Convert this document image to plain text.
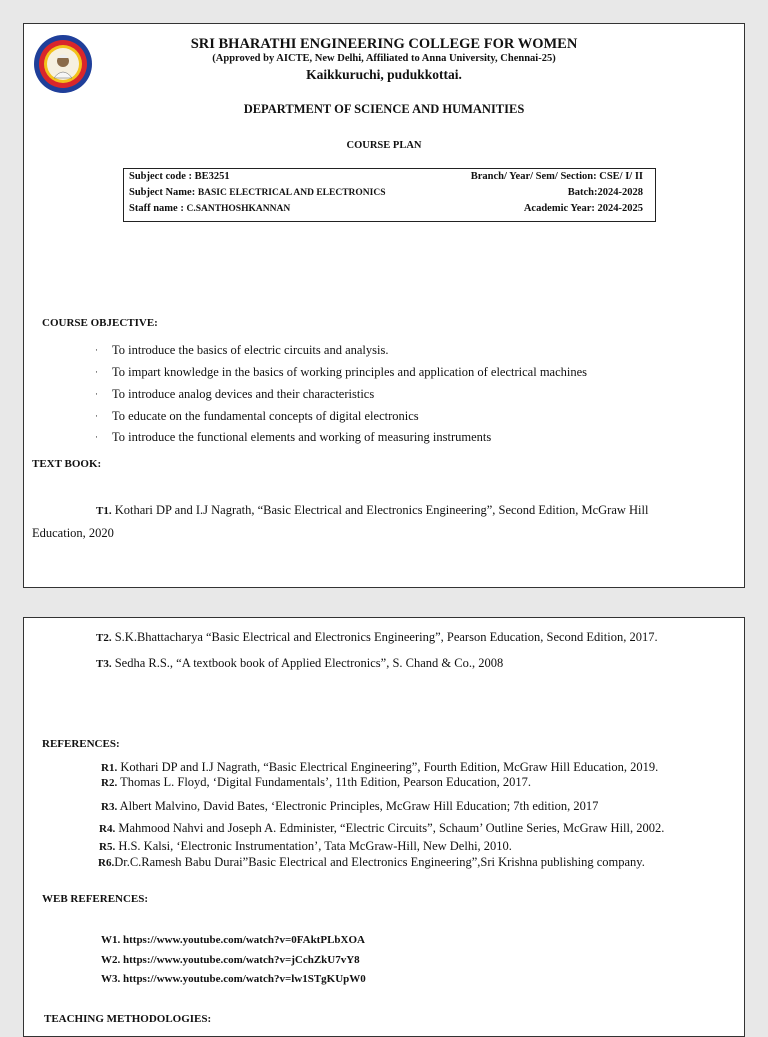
SRI BHARATHI ENGINEERING COLLEGE FOR WOMEN
(Approved by AICTE, New Delhi, Affiliated to Anna University, Chennai-25)
Kaikkuruchi, pudukkottai.
DEPARTMENT OF SCIENCE AND HUMANITIES
COURSE PLAN
Subject code : BE3251	Branch/ Year/ Sem/ Section: CSE/ I/ II
Subject Name: BASIC ELECTRICAL AND ELECTRONICS	Batch:2024-2028
Staff name : C.SANTHOSHKANNAN	Academic Year: 2024-2025
COURSE OBJECTIVE:
· To introduce the basics of electric circuits and analysis.
· To impart knowledge in the basics of working principles and application of electrical machines
· To introduce analog devices and their characteristics
· To educate on the fundamental concepts of digital electronics
· To introduce the functional elements and working of measuring instruments
TEXT BOOK:
T1. Kothari DP and I.J Nagrath, “Basic Electrical and Electronics Engineering”, Second Edition, McGraw Hill
Education, 2020
T2. S.K.Bhattacharya “Basic Electrical and Electronics Engineering”, Pearson Education, Second Edition, 2017.
T3. Sedha R.S., “A textbook book of Applied Electronics”, S. Chand & Co., 2008
REFERENCES:
R1. Kothari DP and I.J Nagrath, “Basic Electrical Engineering”, Fourth Edition, McGraw Hill Education, 2019.
R2. Thomas L. Floyd, ‘Digital Fundamentals’, 11th Edition, Pearson Education, 2017.
R3. Albert Malvino, David Bates, ‘Electronic Principles, McGraw Hill Education; 7th edition, 2017
R4. Mahmood Nahvi and Joseph A. Edminister, “Electric Circuits”, Schaum’ Outline Series, McGraw Hill, 2002.
R5. H.S. Kalsi, ‘Electronic Instrumentation’, Tata McGraw-Hill, New Delhi, 2010.
R6.Dr.C.Ramesh Babu Durai”Basic Electrical and Electronics Engineering”,Sri Krishna publishing company.
WEB REFERENCES:
W1. https://www.youtube.com/watch?v=0FAktPLbXOA
W2. https://www.youtube.com/watch?v=jCchZkU7vY8
W3. https://www.youtube.com/watch?v=lw1STgKUpW0
TEACHING METHODOLOGIES:
